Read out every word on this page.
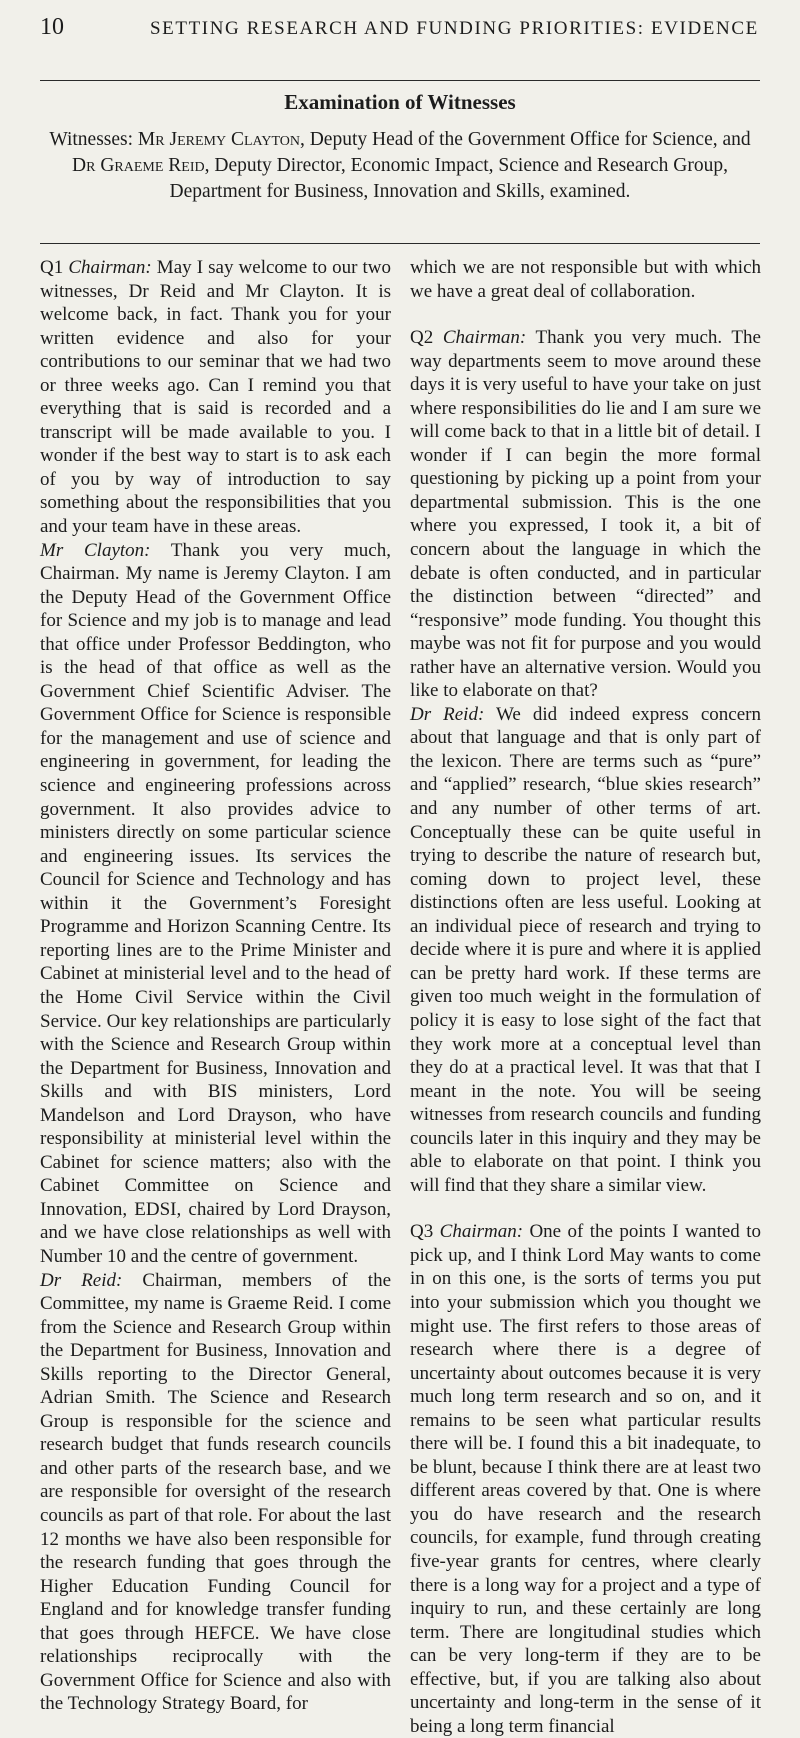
10	SETTING RESEARCH AND FUNDING PRIORITIES: EVIDENCE
Examination of Witnesses
Witnesses: Mr Jeremy Clayton, Deputy Head of the Government Office for Science, and Dr Graeme Reid, Deputy Director, Economic Impact, Science and Research Group, Department for Business, Innovation and Skills, examined.

Q1 Chairman: May I say welcome to our two witnesses, Dr Reid and Mr Clayton. It is welcome back, in fact. Thank you for your written evidence and also for your contributions to our seminar that we had two or three weeks ago. Can I remind you that everything that is said is recorded and a transcript will be made available to you. I wonder if the best way to start is to ask each of you by way of introduction to say something about the responsibilities that you and your team have in these areas.

Mr Clayton: Thank you very much, Chairman. My name is Jeremy Clayton. I am the Deputy Head of the Government Office for Science and my job is to manage and lead that office under Professor Beddington, who is the head of that office as well as the Government Chief Scientific Adviser. The Government Office for Science is responsible for the management and use of science and engineering in government, for leading the science and engineering professions across government. It also provides advice to ministers directly on some particular science and engineering issues. Its services the Council for Science and Technology and has within it the Government’s Foresight Programme and Horizon Scanning Centre. Its reporting lines are to the Prime Minister and Cabinet at ministerial level and to the head of the Home Civil Service within the Civil Service. Our key relationships are particularly with the Science and Research Group within the Department for Business, Innovation and Skills and with BIS ministers, Lord Mandelson and Lord Drayson, who have responsibility at ministerial level within the Cabinet for science matters; also with the Cabinet Committee on Science and Innovation, EDSI, chaired by Lord Drayson, and we have close relationships as well with Number 10 and the centre of government.

Dr Reid: Chairman, members of the Committee, my name is Graeme Reid. I come from the Science and Research Group within the Department for Business, Innovation and Skills reporting to the Director General, Adrian Smith. The Science and Research Group is responsible for the science and research budget that funds research councils and other parts of the research base, and we are responsible for oversight of the research councils as part of that role. For about the last 12 months we have also been responsible for the research funding that goes through the Higher Education Funding Council for England and for knowledge transfer funding that goes through HEFCE. We have close relationships reciprocally with the Government Office for Science and also with the Technology Strategy Board, for

which we are not responsible but with which we have a great deal of collaboration.

Q2 Chairman: Thank you very much. The way departments seem to move around these days it is very useful to have your take on just where responsibilities do lie and I am sure we will come back to that in a little bit of detail. I wonder if I can begin the more formal questioning by picking up a point from your departmental submission. This is the one where you expressed, I took it, a bit of concern about the language in which the debate is often conducted, and in particular the distinction between “directed” and “responsive” mode funding. You thought this maybe was not fit for purpose and you would rather have an alternative version. Would you like to elaborate on that?

Dr Reid: We did indeed express concern about that language and that is only part of the lexicon. There are terms such as “pure” and “applied” research, “blue skies research” and any number of other terms of art. Conceptually these can be quite useful in trying to describe the nature of research but, coming down to project level, these distinctions often are less useful. Looking at an individual piece of research and trying to decide where it is pure and where it is applied can be pretty hard work. If these terms are given too much weight in the formulation of policy it is easy to lose sight of the fact that they work more at a conceptual level than they do at a practical level. It was that that I meant in the note. You will be seeing witnesses from research councils and funding councils later in this inquiry and they may be able to elaborate on that point. I think you will find that they share a similar view.

Q3 Chairman: One of the points I wanted to pick up, and I think Lord May wants to come in on this one, is the sorts of terms you put into your submission which you thought we might use. The first refers to those areas of research where there is a degree of uncertainty about outcomes because it is very much long term research and so on, and it remains to be seen what particular results there will be. I found this a bit inadequate, to be blunt, because I think there are at least two different areas covered by that. One is where you do have research and the research councils, for example, fund through creating five-year grants for centres, where clearly there is a long way for a project and a type of inquiry to run, and these certainly are long term. There are longitudinal studies which can be very long-term if they are to be effective, but, if you are talking also about uncertainty and long-term in the sense of it being a long term financial
